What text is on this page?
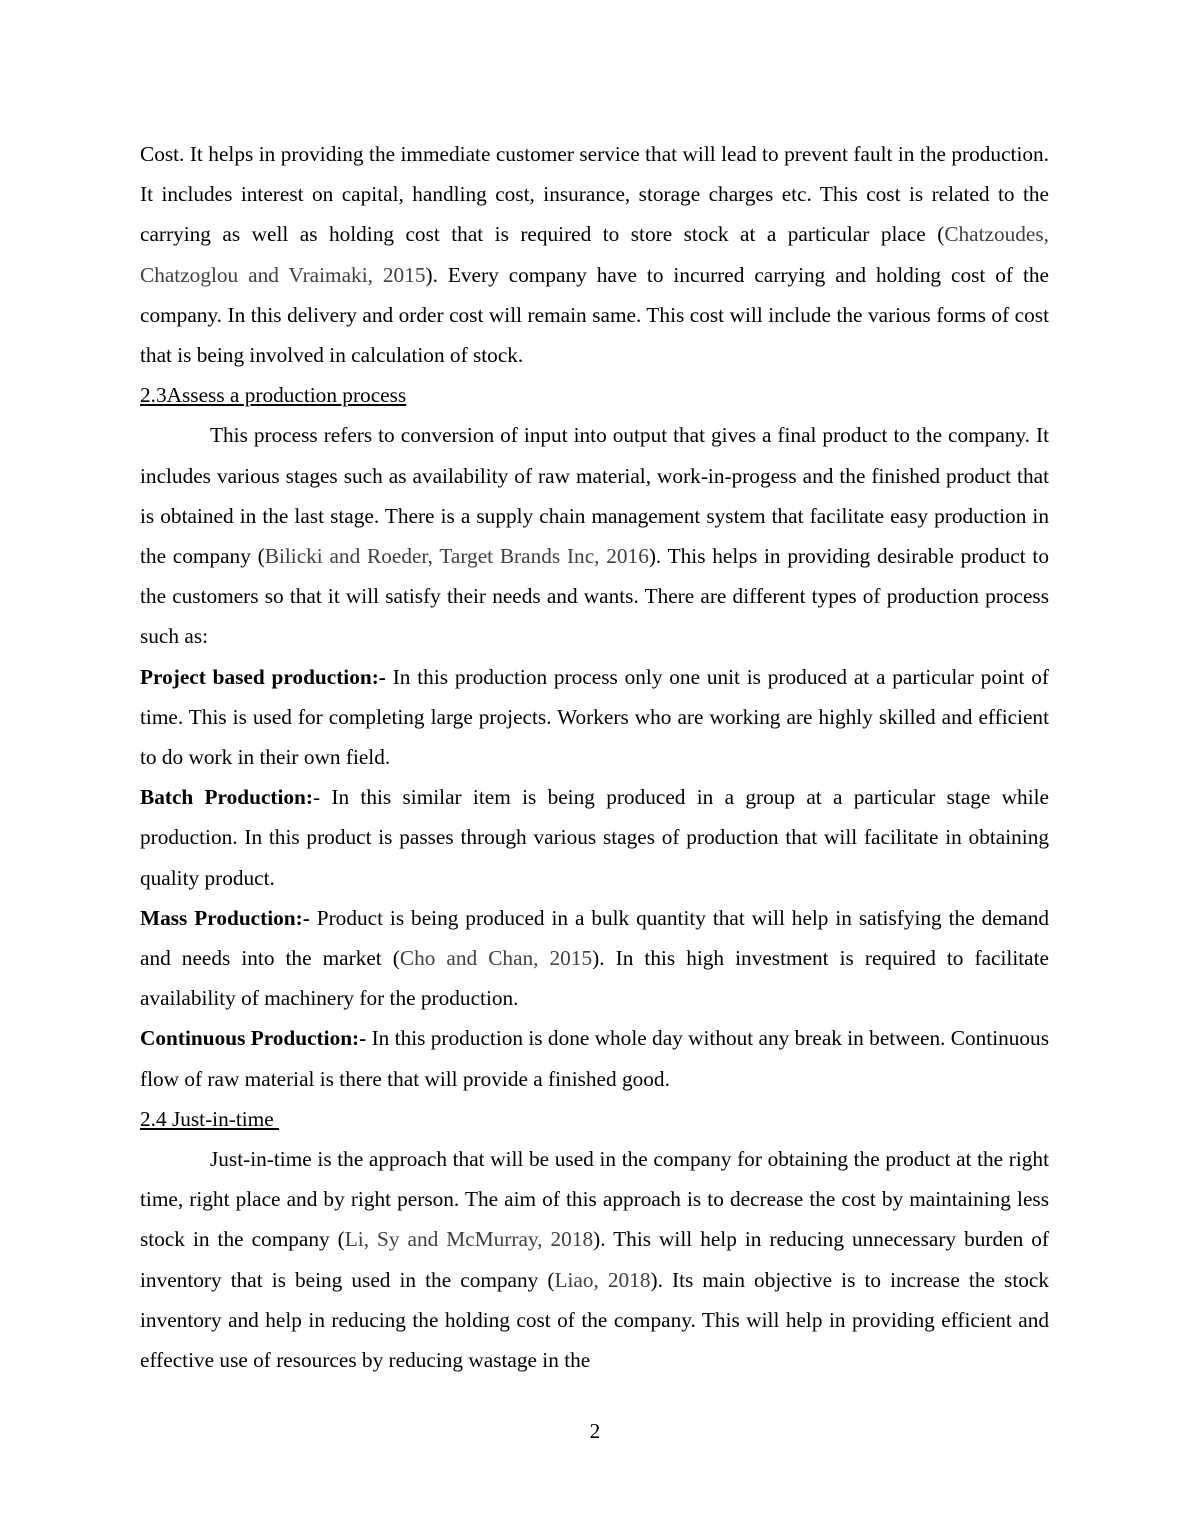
Cost. It helps in providing the immediate customer service that will lead to prevent fault in the production. It includes interest on capital, handling cost, insurance, storage charges etc. This cost is related to the carrying as well as holding cost that is required to store stock at a particular place (Chatzoudes, Chatzoglou and Vraimaki, 2015). Every company have to incurred carrying and holding cost of the company. In this delivery and order cost will remain same. This cost will include the various forms of cost that is being involved in calculation of stock.

2.3Assess a production process

This process refers to conversion of input into output that gives a final product to the company. It includes various stages such as availability of raw material, work-in-progess and the finished product that is obtained in the last stage. There is a supply chain management system that facilitate easy production in the company (Bilicki and Roeder, Target Brands Inc, 2016). This helps in providing desirable product to the customers so that it will satisfy their needs and wants. There are different types of production process such as:

Project based production:- In this production process only one unit is produced at a particular point of time. This is used for completing large projects. Workers who are working are highly skilled and efficient to do work in their own field.

Batch Production:- In this similar item is being produced in a group at a particular stage while production. In this product is passes through various stages of production that will facilitate in obtaining quality product.

Mass Production:- Product is being produced in a bulk quantity that will help in satisfying the demand and needs into the market (Cho and Chan, 2015). In this high investment is required to facilitate availability of machinery for the production.

Continuous Production:- In this production is done whole day without any break in between. Continuous flow of raw material is there that will provide a finished good.

2.4 Just-in-time

Just-in-time is the approach that will be used in the company for obtaining the product at the right time, right place and by right person. The aim of this approach is to decrease the cost by maintaining less stock in the company (Li, Sy and McMurray, 2018). This will help in reducing unnecessary burden of inventory that is being used in the company (Liao, 2018). Its main objective is to increase the stock inventory and help in reducing the holding cost of the company. This will help in providing efficient and effective use of resources by reducing wastage in the

2
